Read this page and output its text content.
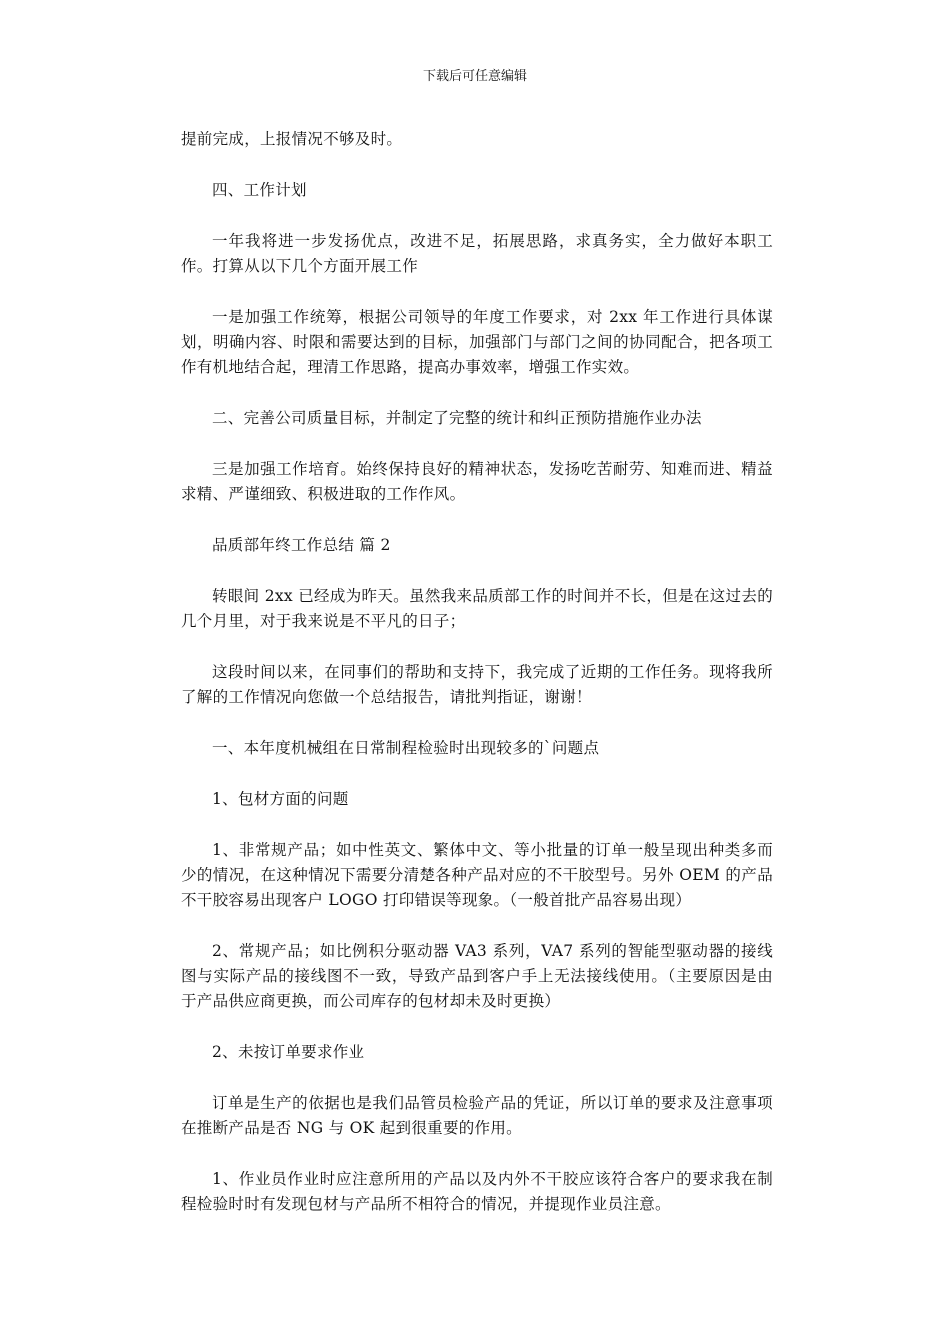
下载后可任意编辑

提前完成，上报情况不够及时。

四、工作计划

一年我将进一步发扬优点，改进不足，拓展思路，求真务实，全力做好本职工作。打算从以下几个方面开展工作

一是加强工作统筹，根据公司领导的年度工作要求，对 2xx 年工作进行具体谋划，明确内容、时限和需要达到的目标，加强部门与部门之间的协同配合，把各项工作有机地结合起，理清工作思路，提高办事效率，增强工作实效。

二、完善公司质量目标，并制定了完整的统计和纠正预防措施作业办法

三是加强工作培育。始终保持良好的精神状态，发扬吃苦耐劳、知难而进、精益求精、严谨细致、积极进取的工作作风。

品质部年终工作总结 篇 2

转眼间 2xx 已经成为昨天。虽然我来品质部工作的时间并不长，但是在这过去的几个月里，对于我来说是不平凡的日子；

这段时间以来，在同事们的帮助和支持下，我完成了近期的工作任务。现将我所了解的工作情况向您做一个总结报告，请批判指证，谢谢！

一、本年度机械组在日常制程检验时出现较多的`问题点

1、包材方面的问题

1、非常规产品；如中性英文、繁体中文、等小批量的订单一般呈现出种类多而少的情况，在这种情况下需要分清楚各种产品对应的不干胶型号。另外 OEM 的产品不干胶容易出现客户 LOGO 打印错误等现象。（一般首批产品容易出现）

2、常规产品；如比例积分驱动器 VA3 系列，VA7 系列的智能型驱动器的接线图与实际产品的接线图不一致，导致产品到客户手上无法接线使用。（主要原因是由于产品供应商更换，而公司库存的包材却未及时更换）

2、未按订单要求作业

订单是生产的依据也是我们品管员检验产品的凭证，所以订单的要求及注意事项在推断产品是否 NG 与 OK 起到很重要的作用。

1、作业员作业时应注意所用的产品以及内外不干胶应该符合客户的要求我在制程检验时时有发现包材与产品所不相符合的情况，并提现作业员注意。
